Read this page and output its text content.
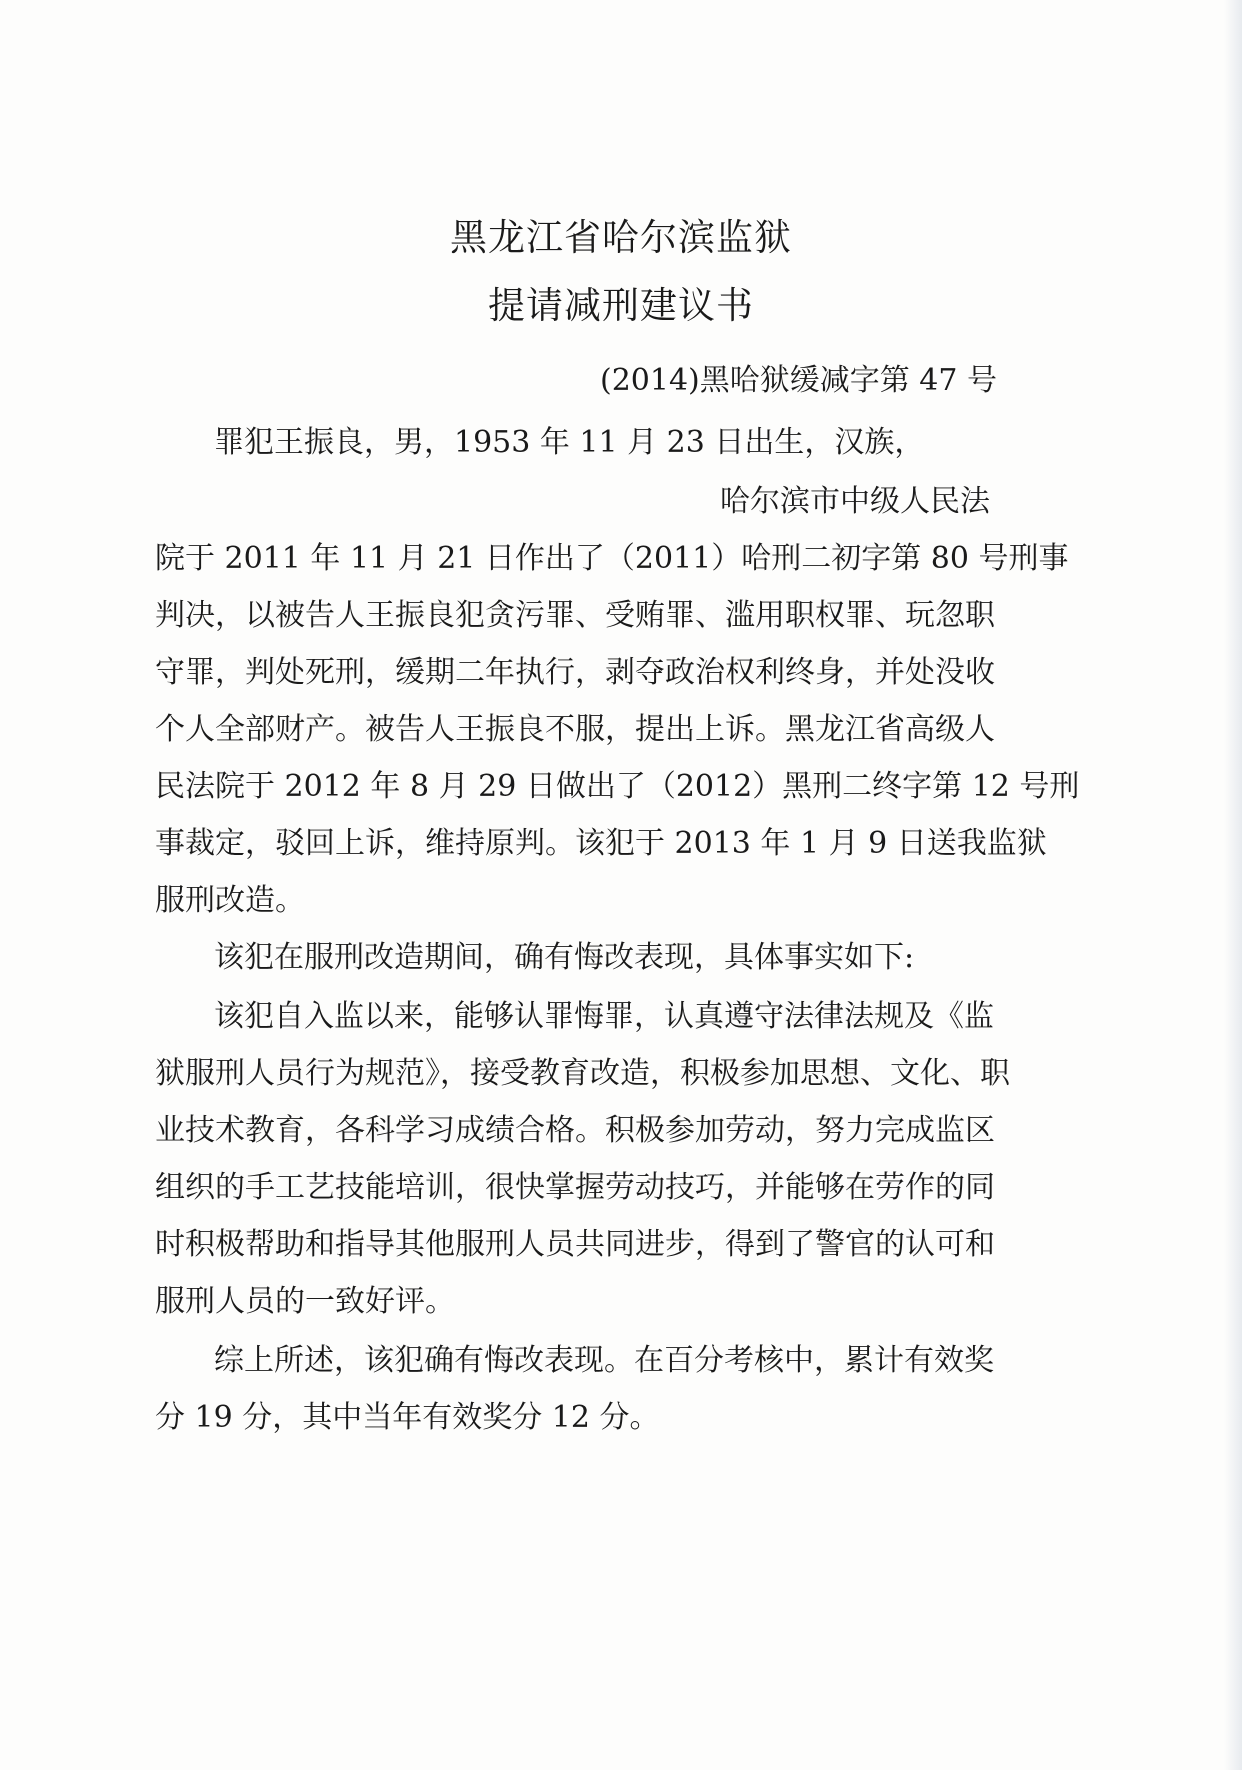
黑龙江省哈尔滨监狱
提请减刑建议书
(2014)黑哈狱缓减字第 47 号
罪犯王振良，男，1953 年 11 月 23 日出生，汉族，
哈尔滨市中级人民法
院于 2011 年 11 月 21 日作出了（2011）哈刑二初字第 80 号刑事
判决，以被告人王振良犯贪污罪、受贿罪、滥用职权罪、玩忽职
守罪，判处死刑，缓期二年执行，剥夺政治权利终身，并处没收
个人全部财产。被告人王振良不服，提出上诉。黑龙江省高级人
民法院于 2012 年 8 月 29 日做出了（2012）黑刑二终字第 12 号刑
事裁定，驳回上诉，维持原判。该犯于 2013 年 1 月 9 日送我监狱
服刑改造。
该犯在服刑改造期间，确有悔改表现，具体事实如下:
该犯自入监以来，能够认罪悔罪，认真遵守法律法规及《监
狱服刑人员行为规范》，接受教育改造，积极参加思想、文化、职
业技术教育，各科学习成绩合格。积极参加劳动，努力完成监区
组织的手工艺技能培训，很快掌握劳动技巧，并能够在劳作的同
时积极帮助和指导其他服刑人员共同进步，得到了警官的认可和
服刑人员的一致好评。
综上所述，该犯确有悔改表现。在百分考核中，累计有效奖
分 19 分，其中当年有效奖分 12 分。
